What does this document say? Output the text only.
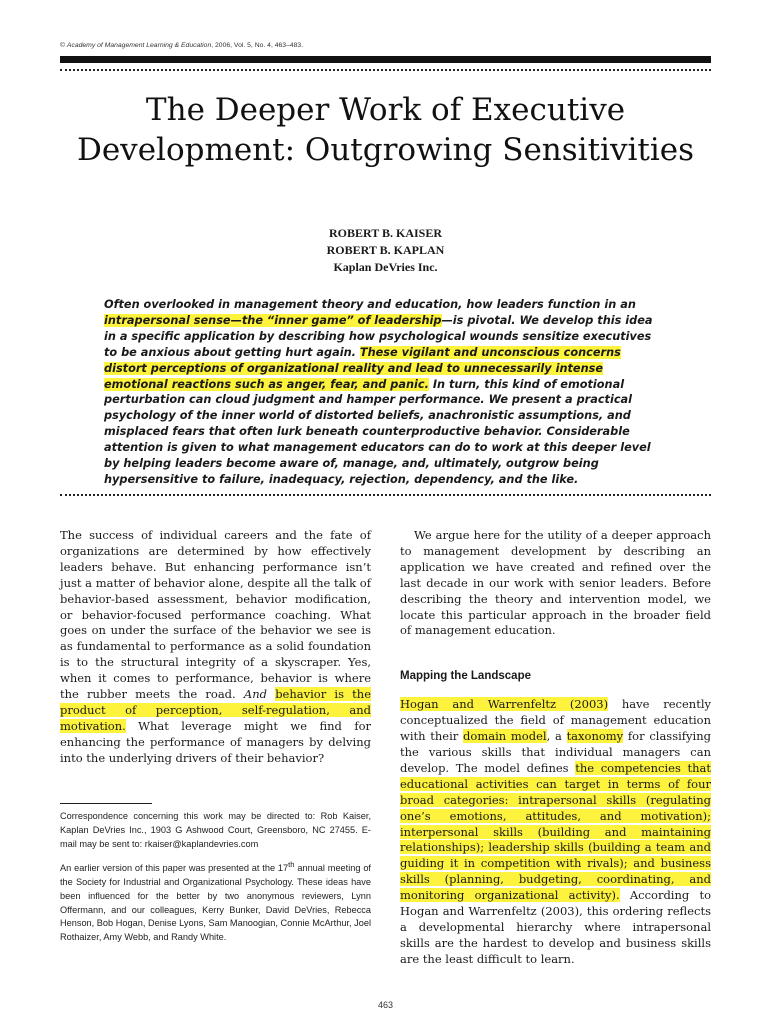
© Academy of Management Learning & Education, 2006, Vol. 5, No. 4, 463–483.
The Deeper Work of Executive Development: Outgrowing Sensitivities
ROBERT B. KAISER
ROBERT B. KAPLAN
Kaplan DeVries Inc.
Often overlooked in management theory and education, how leaders function in an intrapersonal sense—the “inner game” of leadership—is pivotal. We develop this idea in a specific application by describing how psychological wounds sensitize executives to be anxious about getting hurt again. These vigilant and unconscious concerns distort perceptions of organizational reality and lead to unnecessarily intense emotional reactions such as anger, fear, and panic. In turn, this kind of emotional perturbation can cloud judgment and hamper performance. We present a practical psychology of the inner world of distorted beliefs, anachronistic assumptions, and misplaced fears that often lurk beneath counterproductive behavior. Considerable attention is given to what management educators can do to work at this deeper level by helping leaders become aware of, manage, and, ultimately, outgrow being hypersensitive to failure, inadequacy, rejection, dependency, and the like.

The success of individual careers and the fate of organizations are determined by how effectively leaders behave. But enhancing performance isn’t just a matter of behavior alone, despite all the talk of behavior-based assessment, behavior modification, or behavior-focused performance coaching. What goes on under the surface of the behavior we see is as fundamental to performance as a solid foundation is to the structural integrity of a skyscraper. Yes, when it comes to performance, behavior is where the rubber meets the road. And behavior is the product of perception, self-regulation, and motivation. What leverage might we find for enhancing the performance of managers by delving into the underlying drivers of their behavior?

Correspondence concerning this work may be directed to: Rob Kaiser, Kaplan DeVries Inc., 1903 G Ashwood Court, Greensboro, NC 27455. E-mail may be sent to: rkaiser@kaplandevries.com

An earlier version of this paper was presented at the 17th annual meeting of the Society for Industrial and Organizational Psychology. These ideas have been influenced for the better by two anonymous reviewers, Lynn Offermann, and our colleagues, Kerry Bunker, David DeVries, Rebecca Henson, Bob Hogan, Denise Lyons, Sam Manoogian, Connie McArthur, Joel Rothaizer, Amy Webb, and Randy White.

We argue here for the utility of a deeper approach to management development by describing an application we have created and refined over the last decade in our work with senior leaders. Before describing the theory and intervention model, we locate this particular approach in the broader field of management education.

Mapping the Landscape

Hogan and Warrenfeltz (2003) have recently conceptualized the field of management education with their domain model, a taxonomy for classifying the various skills that individual managers can develop. The model defines the competencies that educational activities can target in terms of four broad categories: intrapersonal skills (regulating one’s emotions, attitudes, and motivation); interpersonal skills (building and maintaining relationships); leadership skills (building a team and guiding it in competition with rivals); and business skills (planning, budgeting, coordinating, and monitoring organizational activity). According to Hogan and Warrenfeltz (2003), this ordering reflects a developmental hierarchy where intrapersonal skills are the hardest to develop and business skills are the least difficult to learn.

463
